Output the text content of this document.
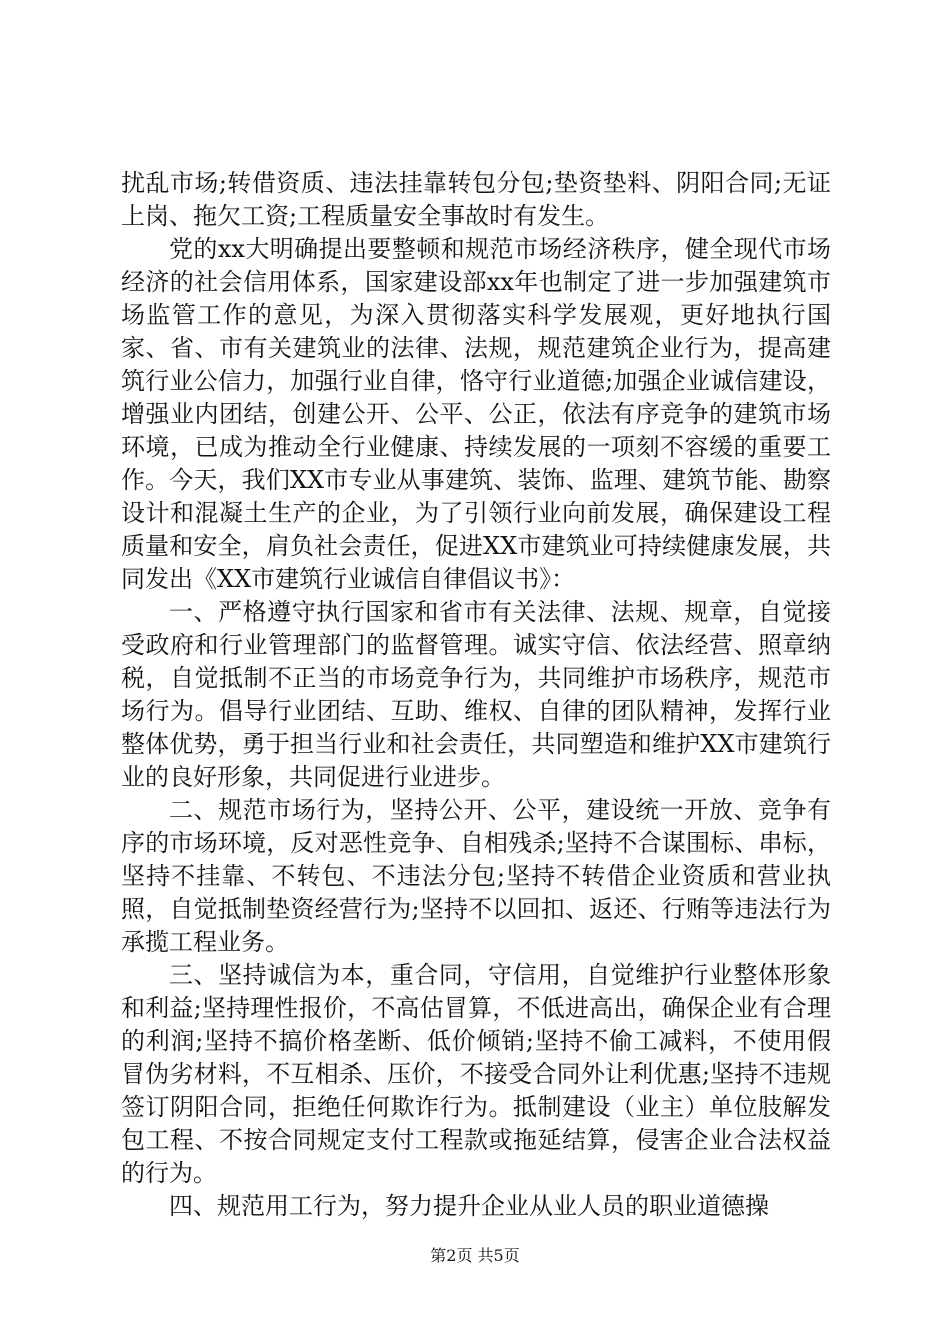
扰乱市场;转借资质、违法挂靠转包分包;垫资垫料、阴阳合同;无证上岗、拖欠工资;工程质量安全事故时有发生。

党的xx大明确提出要整顿和规范市场经济秩序，健全现代市场经济的社会信用体系，国家建设部xx年也制定了进一步加强建筑市场监管工作的意见，为深入贯彻落实科学发展观，更好地执行国家、省、市有关建筑业的法律、法规，规范建筑企业行为，提高建筑行业公信力，加强行业自律，恪守行业道德;加强企业诚信建设，增强业内团结，创建公开、公平、公正，依法有序竞争的建筑市场环境，已成为推动全行业健康、持续发展的一项刻不容缓的重要工作。今天，我们XX市专业从事建筑、装饰、监理、建筑节能、勘察设计和混凝土生产的企业，为了引领行业向前发展，确保建设工程质量和安全，肩负社会责任，促进XX市建筑业可持续健康发展，共同发出《XX市建筑行业诚信自律倡议书》：

一、严格遵守执行国家和省市有关法律、法规、规章，自觉接受政府和行业管理部门的监督管理。诚实守信、依法经营、照章纳税，自觉抵制不正当的市场竞争行为，共同维护市场秩序，规范市场行为。倡导行业团结、互助、维权、自律的团队精神，发挥行业整体优势，勇于担当行业和社会责任，共同塑造和维护XX市建筑行业的良好形象，共同促进行业进步。

二、规范市场行为，坚持公开、公平，建设统一开放、竞争有序的市场环境，反对恶性竞争、自相残杀;坚持不合谋围标、串标，坚持不挂靠、不转包、不违法分包;坚持不转借企业资质和营业执照，自觉抵制垫资经营行为;坚持不以回扣、返还、行贿等违法行为承揽工程业务。

三、坚持诚信为本，重合同，守信用，自觉维护行业整体形象和利益;坚持理性报价，不高估冒算，不低进高出，确保企业有合理的利润;坚持不搞价格垄断、低价倾销;坚持不偷工减料，不使用假冒伪劣材料，不互相杀、压价，不接受合同外让利优惠;坚持不违规签订阴阳合同，拒绝任何欺诈行为。抵制建设（业主）单位肢解发包工程、不按合同规定支付工程款或拖延结算，侵害企业合法权益的行为。

四、规范用工行为，努力提升企业从业人员的职业道德操

第2页 共5页
